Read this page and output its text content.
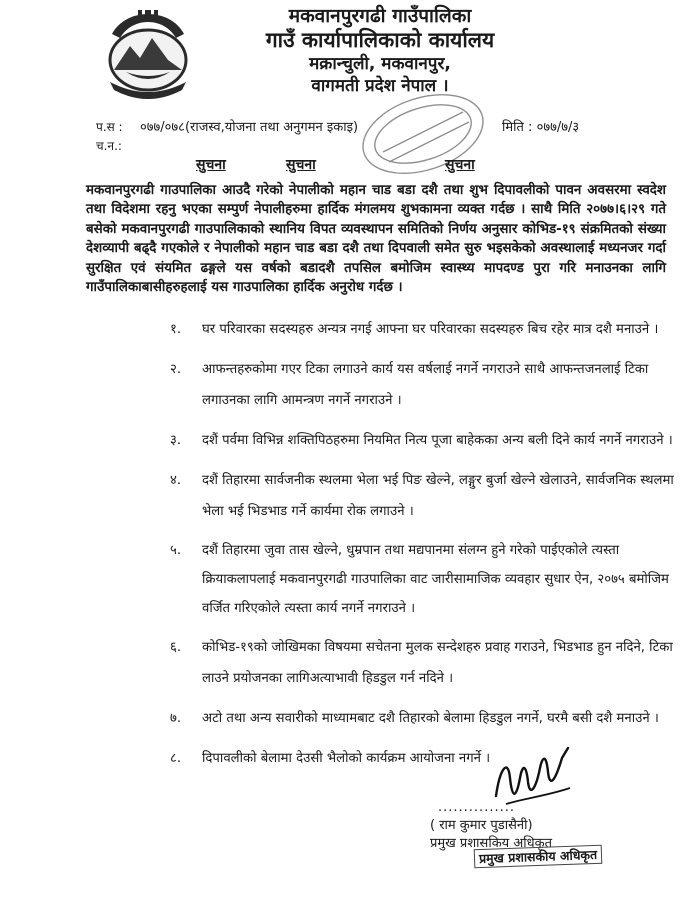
मकवानपुरगढी गाउँपालिका
गाउँ कार्यापालिकाको कार्यालय
मक्रान्चुली, मकवानपुर,
वागमती प्रदेश नेपाल ।
प.स : ०७७/०७८(राजस्व,योजना तथा अनुगमन इकाइ)
च.न.:
मिति : ०७७/७/३
सुचना	सुचना	सुचना
मकवानपुरगढी गाउपालिका आउदै गरेको नेपालीको महान चाड बडा दशै तथा शुभ दिपावलीको पावन अवसरमा स्वदेश तथा विदेशमा रहनु भएका सम्पुर्ण नेपालीहरुमा हार्दिक मंगलमय शुभकामना व्यक्त गर्दछ । साथै मिति २०७७।६।२९ गते बसेको मकवानपुरगढी गाउपालिकाको स्थानिय विपत व्यवस्थापन समितिको निर्णय अनुसार कोभिड-१९ संक्रमितको संख्या देशव्यापी बढ्दै गएकोले र नेपालीको महान चाड बडा दशै तथा दिपवाली समेत सुरु भइसकेको अवस्थालाई मध्यनजर गर्दा सुरक्षित एवं संयमित ढङ्गले यस वर्षको बडादशै तपसिल बमोजिम स्वास्थ्य मापदण्ड पुरा गरि मनाउनका लागि गाउँपालिकाबासीहरुहलाई यस गाउपालिका हार्दिक अनुरोध गर्दछ ।
१. घर परिवारका सदस्यहरु अन्यत्र नगई आफ्ना घर परिवारका सदस्यहरु बिच रहेर मात्र दशै मनाउने ।
२. आफन्तहरुकोमा गएर टिका लगाउने कार्य यस वर्षलाई नगर्ने नगराउने साथै आफन्तजनलाई टिका लगाउनका लागि आमन्त्रण नगर्ने नगराउने ।
३. दशैं पर्वमा विभिन्न शक्तिपिठहरुमा नियमित नित्य पूजा बाहेकका अन्य बली दिने कार्य नगर्ने नगराउने ।
४. दशैं तिहारमा सार्वजनीक स्थलमा भेला भई पिङ खेल्ने, लङ्गुर बुर्जा खेल्ने खेलाउने, सार्वजनिक स्थलमा भेला भई भिडभाड गर्ने कार्यमा रोक लगाउने ।
५. दशैं तिहारमा जुवा तास खेल्ने, धुम्रपान तथा मद्यपानमा संलग्न हुने गरेको पाईएकोले त्यस्ता क्रियाकलापलाई मकवानपुरगढी गाउपालिका वाट जारीसामाजिक व्यवहार सुधार ऐन, २०७५ बमोजिम वर्जित गरिएकोले त्यस्ता कार्य नगर्ने नगराउने ।
६. कोभिड-१९को जोखिमका विषयमा सचेतना मुलक सन्देशहरु प्रवाह गराउने, भिडभाड हुन नदिने, टिका लाउने प्रयोजनका लागिअत्याभावी हिडडुल गर्न नदिने ।
७. अटो तथा अन्य सवारीको माध्यामबाट दशै तिहारको बेलामा हिडडुल नगर्ने, घरमै बसी दशै मनाउने ।
८. दिपावलीको बेलामा देउसी भैलोको कार्यक्रम आयोजना नगर्ने ।
...............
( राम कुमार पुडासैनी)
प्रमुख प्रशासकिय अधिकृत
प्रमुख प्रशासकीय अधिकृत
